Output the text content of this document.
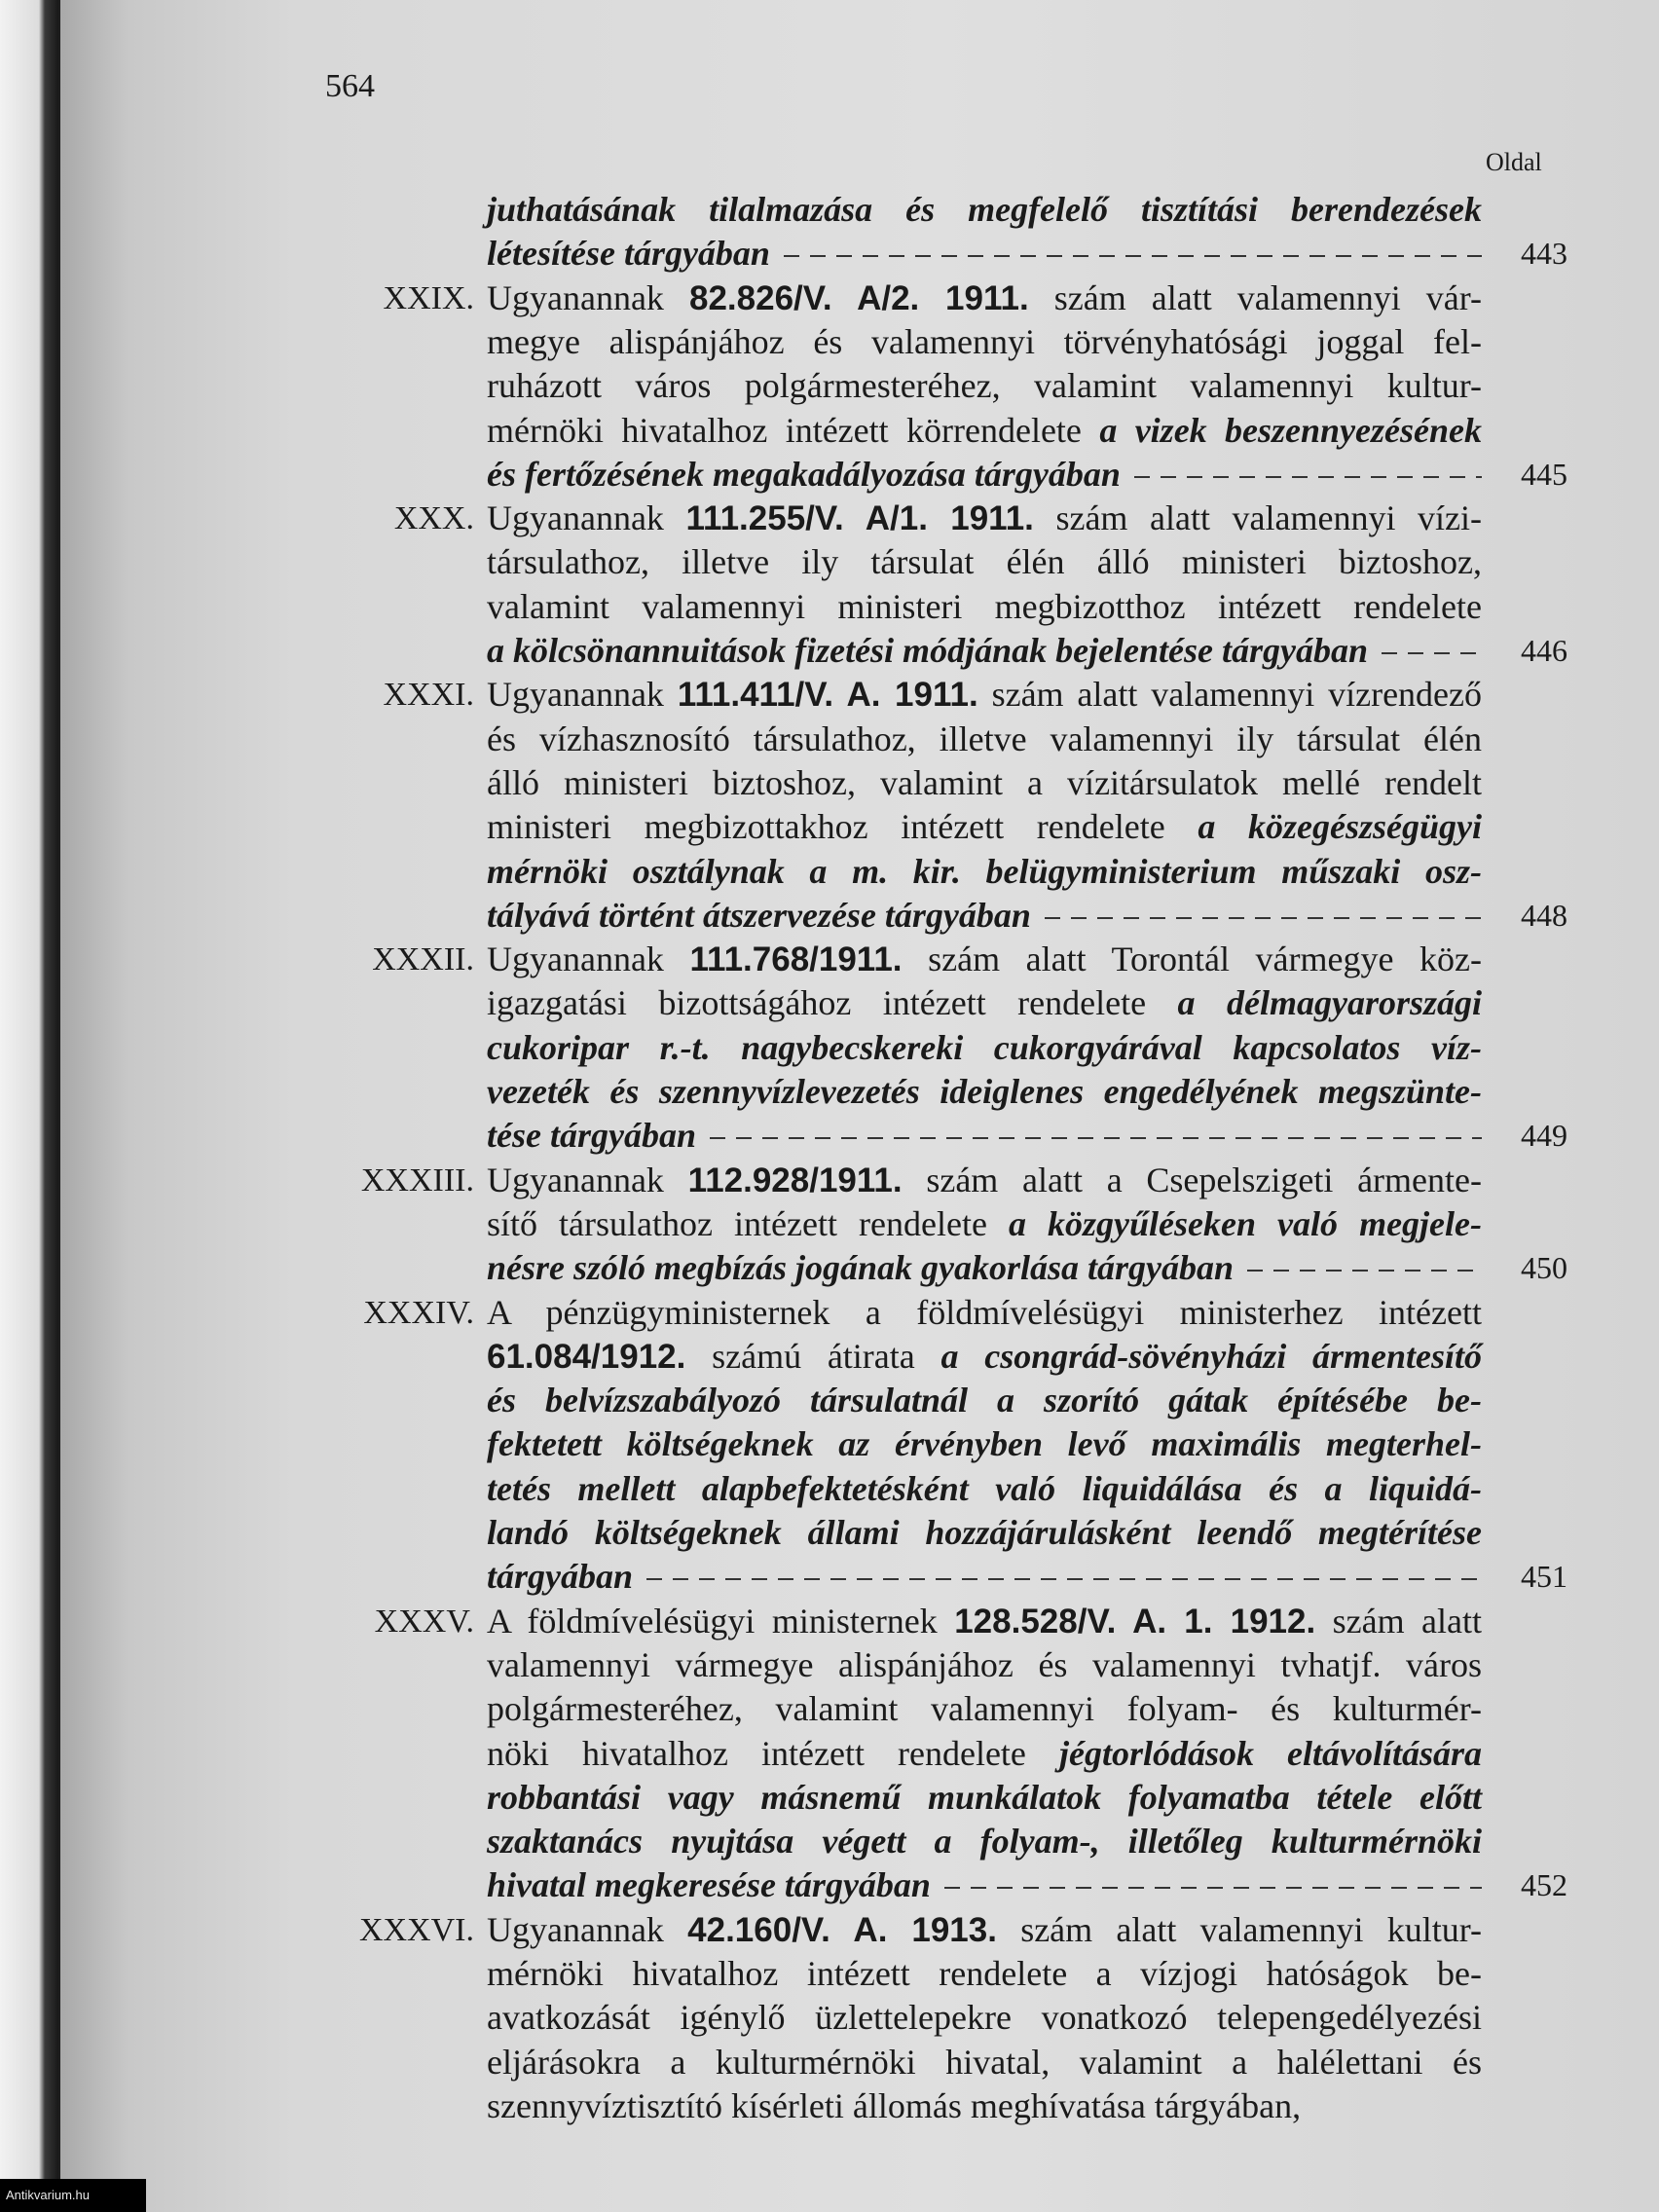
Antikvarium.hu
564
Oldal
juthatásának tilalmazása és megfelelő tisztítási berendezések
létesítése tárgyában	443
XXIX. Ugyanannak 82.826/V. A/2. 1911. szám alatt valamennyi vár-
megye alispánjához és valamennyi törvényhatósági joggal fel-
ruházott város polgármesteréhez, valamint valamennyi kultur-
mérnöki hivatalhoz intézett körrendelete a vizek beszennyezésének
és fertőzésének megakadályozása tárgyában	445
XXX. Ugyanannak 111.255/V. A/1. 1911. szám alatt valamennyi vízi-
társulathoz, illetve ily társulat élén álló ministeri biztoshoz,
valamint valamennyi ministeri megbizotthoz intézett rendelete
a kölcsönannuitások fizetési módjának bejelentése tárgyában	446
XXXI. Ugyanannak 111.411/V. A. 1911. szám alatt valamennyi vízrendező
és vízhasznosító társulathoz, illetve valamennyi ily társulat élén
álló ministeri biztoshoz, valamint a vízitársulatok mellé rendelt
ministeri megbizottakhoz intézett rendelete a közegészségügyi
mérnöki osztálynak a m. kir. belügyministerium műszaki osz-
tályává történt átszervezése tárgyában	448
XXXII. Ugyanannak 111.768/1911. szám alatt Torontál vármegye köz-
igazgatási bizottságához intézett rendelete a délmagyarországi
cukoripar r.-t. nagybecskereki cukorgyárával kapcsolatos víz-
vezeték és szennyvízlevezetés ideiglenes engedélyének megszünte-
tése tárgyában	449
XXXIII. Ugyanannak 112.928/1911. szám alatt a Csepelszigeti ármente-
sítő társulathoz intézett rendelete a közgyűléseken való megjele-
nésre szóló megbízás jogának gyakorlása tárgyában	450
XXXIV. A pénzügyministernek a földmívelésügyi ministerhez intézett
61.084/1912. számú átirata a csongrád-sövényházi ármentesítő
és belvízszabályozó társulatnál a szorító gátak építésébe be-
fektetett költségeknek az érvényben levő maximális megterhel-
tetés mellett alapbefektetésként való liquidálása és a liquidá-
landó költségeknek állami hozzájárulásként leendő megtérítése
tárgyában	451
XXXV. A földmívelésügyi ministernek 128.528/V. A. 1. 1912. szám alatt
valamennyi vármegye alispánjához és valamennyi tvhatjf. város
polgármesteréhez, valamint valamennyi folyam- és kulturmér-
nöki hivatalhoz intézett rendelete jégtorlódások eltávolítására
robbantási vagy másnemű munkálatok folyamatba tétele előtt
szaktanács nyujtása végett a folyam-, illetőleg kulturmérnöki
hivatal megkeresése tárgyában	452
XXXVI. Ugyanannak 42.160/V. A. 1913. szám alatt valamennyi kultur-
mérnöki hivatalhoz intézett rendelete a vízjogi hatóságok be-
avatkozását igénylő üzlettelepekre vonatkozó telepengedélyezési
eljárásokra a kulturmérnöki hivatal, valamint a halélettani és
szennyvíztisztító kísérleti állomás meghívatása tárgyában,
